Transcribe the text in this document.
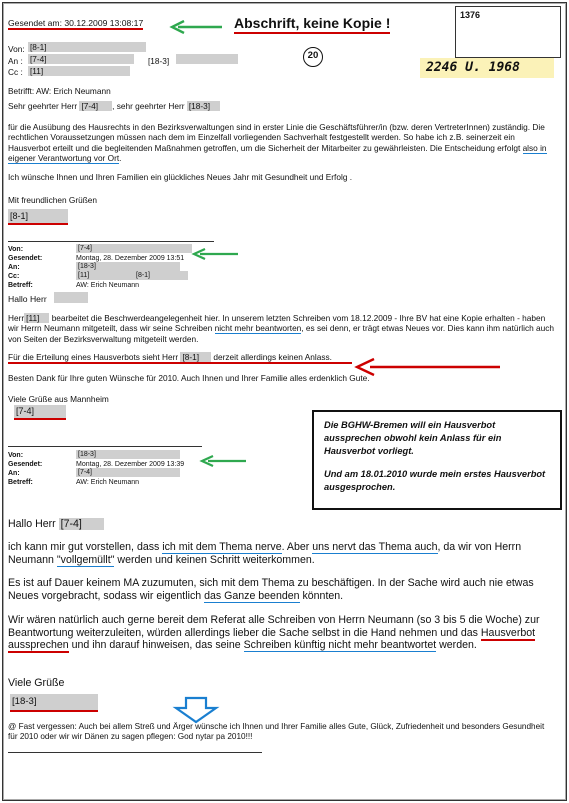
Gesendet am: 30.12.2009 13:08:17	Abschrift, keine Kopie !	1376
20
2246 U. 1968
Von: [8-1]
An : [7-4]	[18-3]
Cc : [11]
Betrifft: AW: Erich Neumann
Sehr geehrter Herr [7-4] , sehr geehrter Herr [18-3]
für die Ausübung des Hausrechts in den Bezirksverwaltungen sind in erster Linie die Geschäftsführer/in (bzw. deren VertreterInnen) zuständig. Die rechtlichen Voraussetzungen müssen nach dem im Einzelfall vorliegenden Sachverhalt festgestellt werden. So habe ich z.B. seinerzeit ein Hausverbot erteilt und die begleitenden Maßnahmen getroffen, um die Sicherheit der Mitarbeiter zu gewährleisten. Die Entscheidung erfolgt also in eigener Verantwortung vor Ort.
Ich wünsche Ihnen und Ihren Familien ein glückliches Neues Jahr mit Gesundheit und Erfolg .
Mit freundlichen Grüßen
[8-1]
Von:	[7-4]
Gesendet:	Montag, 28. Dezember 2009 13:51
An:	[18-3]
Cc:	[11]	[8-1]
Betreff:	AW: Erich Neumann
Hallo Herr
Herr [11] bearbeitet die Beschwerdeangelegenheit hier. In unserem letzten Schreiben vom 18.12.2009 - Ihre BV hat eine Kopie erhalten - haben wir Herrn Neumann mitgeteilt, dass wir seine Schreiben nicht mehr beantworten, es sei denn, er trägt etwas Neues vor. Dies kann ihm natürlich auch von Seiten der Bezirksverwaltung mitgeteilt werden.
Für die Erteilung eines Hausverbots sieht Herr [8-1] derzeit allerdings keinen Anlass.
Besten Dank für Ihre guten Wünsche für 2010. Auch Ihnen und Ihrer Familie alles erdenklich Gute.
Viele Grüße aus Mannheim
[7-4]
Die BGHW-Bremen will ein Hausverbot aussprechen obwohl kein Anlass für ein Hausverbot vorliegt.
Und am 18.01.2010 wurde mein erstes Hausverbot ausgesprochen.
Von:	[18-3]
Gesendet:	Montag, 28. Dezember 2009 13:39
An:	[7-4]
Betreff:	AW: Erich Neumann
Hallo Herr [7-4]
ich kann mir gut vorstellen, dass ich mit dem Thema nerve. Aber uns nervt das Thema auch, da wir von Herrn Neumann "vollgemüllt" werden und keinen Schritt weiterkommen.
Es ist auf Dauer keinem MA zuzumuten, sich mit dem Thema zu beschäftigen. In der Sache wird auch nie etwas Neues vorgebracht, sodass wir eigentlich das Ganze beenden könnten.
Wir wären natürlich auch gerne bereit dem Referat alle Schreiben von Herrn Neumann (so 3 bis 5 die Woche) zur Beantwortung weiterzuleiten, würden allerdings lieber die Sache selbst in die Hand nehmen und das Hausverbot aussprechen und ihn darauf hinweisen, das seine Schreiben künftig nicht mehr beantwortet werden.
Viele Grüße
[18-3]
@ Fast vergessen: Auch bei allem Streß und Ärger wünsche ich Ihnen und Ihrer Familie alles Gute, Glück, Zufriedenheit und besonders Gesundheit für 2010 oder wir wir Dänen zu sagen pflegen: God nytar pa 2010!!!
